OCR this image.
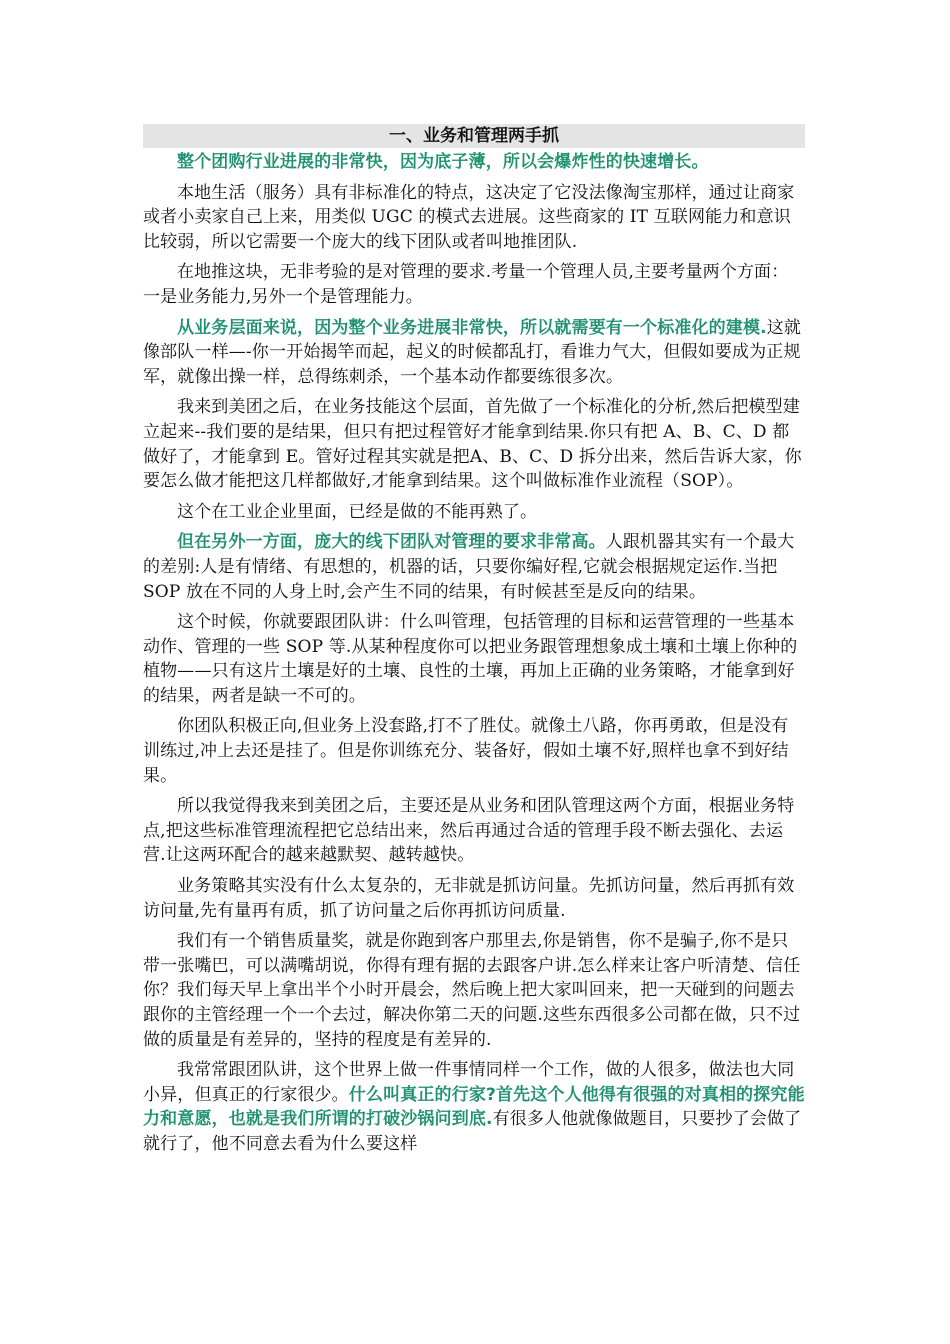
一、业务和管理两手抓

整个团购行业进展的非常快，因为底子薄，所以会爆炸性的快速增长。

本地生活（服务）具有非标准化的特点，这决定了它没法像淘宝那样，通过让商家或者小卖家自己上来，用类似 UGC 的模式去进展。这些商家的 IT 互联网能力和意识比较弱，所以它需要一个庞大的线下团队或者叫地推团队.

在地推这块，无非考验的是对管理的要求.考量一个管理人员,主要考量两个方面：一是业务能力,另外一个是管理能力。

从业务层面来说，因为整个业务进展非常快，所以就需要有一个标准化的建模.这就像部队一样—-你一开始揭竿而起，起义的时候都乱打，看谁力气大，但假如要成为正规军，就像出操一样，总得练刺杀，一个基本动作都要练很多次。

我来到美团之后，在业务技能这个层面，首先做了一个标准化的分析,然后把模型建立起来--我们要的是结果，但只有把过程管好才能拿到结果.你只有把 A、B、C、D 都做好了，才能拿到 E。管好过程其实就是把A、B、C、D 拆分出来，然后告诉大家，你要怎么做才能把这几样都做好,才能拿到结果。这个叫做标准作业流程（SOP）。

这个在工业企业里面，已经是做的不能再熟了。

但在另外一方面，庞大的线下团队对管理的要求非常高。人跟机器其实有一个最大的差别:人是有情绪、有思想的，机器的话，只要你编好程,它就会根据规定运作.当把 SOP 放在不同的人身上时,会产生不同的结果，有时候甚至是反向的结果。

这个时候，你就要跟团队讲：什么叫管理，包括管理的目标和运营管理的一些基本动作、管理的一些 SOP 等.从某种程度你可以把业务跟管理想象成土壤和土壤上你种的植物——只有这片土壤是好的土壤、良性的土壤，再加上正确的业务策略，才能拿到好的结果，两者是缺一不可的。

你团队积极正向,但业务上没套路,打不了胜仗。就像土八路，你再勇敢，但是没有训练过,冲上去还是挂了。但是你训练充分、装备好，假如土壤不好,照样也拿不到好结果。

所以我觉得我来到美团之后，主要还是从业务和团队管理这两个方面，根据业务特点,把这些标准管理流程把它总结出来，然后再通过合适的管理手段不断去强化、去运营.让这两环配合的越来越默契、越转越快。

业务策略其实没有什么太复杂的，无非就是抓访问量。先抓访问量，然后再抓有效访问量,先有量再有质，抓了访问量之后你再抓访问质量.

我们有一个销售质量奖，就是你跑到客户那里去,你是销售，你不是骗子,你不是只带一张嘴巴，可以满嘴胡说，你得有理有据的去跟客户讲.怎么样来让客户听清楚、信任你？我们每天早上拿出半个小时开晨会，然后晚上把大家叫回来，把一天碰到的问题去跟你的主管经理一个一个去过，解决你第二天的问题.这些东西很多公司都在做，只不过做的质量是有差异的，坚持的程度是有差异的.

我常常跟团队讲，这个世界上做一件事情同样一个工作，做的人很多，做法也大同小异，但真正的行家很少。什么叫真正的行家?首先这个人他得有很强的对真相的探究能力和意愿，也就是我们所谓的打破沙锅问到底.有很多人他就像做题目，只要抄了会做了就行了，他不同意去看为什么要这样
